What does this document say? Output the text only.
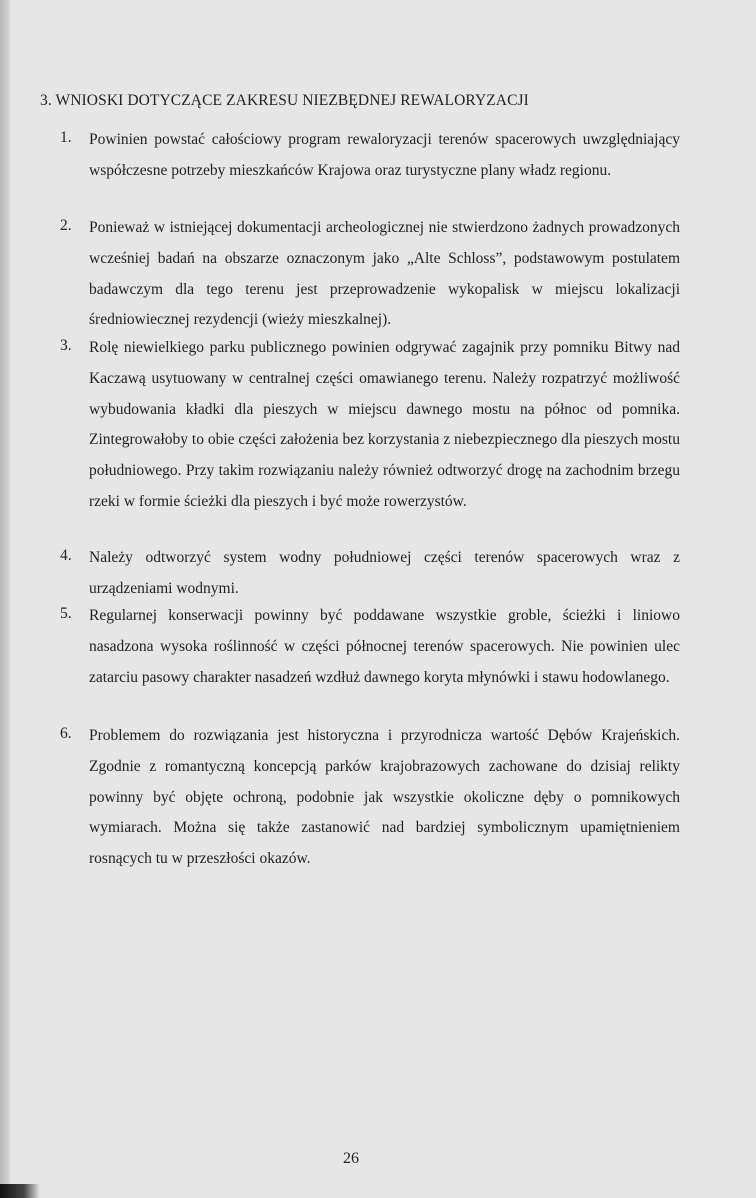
3. WNIOSKI DOTYCZĄCE ZAKRESU NIEZBĘDNEJ REWALORYZACJI
1. Powinien powstać całościowy program rewaloryzacji terenów spacerowych uwzględniający współczesne potrzeby mieszkańców Krajowa oraz turystyczne plany władz regionu.

2. Ponieważ w istniejącej dokumentacji archeologicznej nie stwierdzono żadnych prowadzonych wcześniej badań na obszarze oznaczonym jako „Alte Schloss”, podstawowym postulatem badawczym dla tego terenu jest przeprowadzenie wykopalisk w miejscu lokalizacji średniowiecznej rezydencji (wieży mieszkalnej).

3. Rolę niewielkiego parku publicznego powinien odgrywać zagajnik przy pomniku Bitwy nad Kaczawą usytuowany w centralnej części omawianego terenu. Należy rozpatrzyć możliwość wybudowania kładki dla pieszych w miejscu dawnego mostu na północ od pomnika. Zintegrowałoby to obie części założenia bez korzystania z niebezpiecznego dla pieszych mostu południowego. Przy takim rozwiązaniu należy również odtworzyć drogę na zachodnim brzegu rzeki w formie ścieżki dla pieszych i być może rowerzystów.

4. Należy odtworzyć system wodny południowej części terenów spacerowych wraz z urządzeniami wodnymi.

5. Regularnej konserwacji powinny być poddawane wszystkie groble, ścieżki i liniowo nasadzona wysoka roślinność w części północnej terenów spacerowych. Nie powinien ulec zatarciu pasowy charakter nasadzeń wzdłuż dawnego koryta młynówki i stawu hodowlanego.

6. Problemem do rozwiązania jest historyczna i przyrodnicza wartość Dębów Krajeńskich. Zgodnie z romantyczną koncepcją parków krajobrazowych zachowane do dzisiaj relikty powinny być objęte ochroną, podobnie jak wszystkie okoliczne dęby o pomnikowych wymiarach. Można się także zastanowić nad bardziej symbolicznym upamiętnieniem rosnących tu w przeszłości okazów.

26
